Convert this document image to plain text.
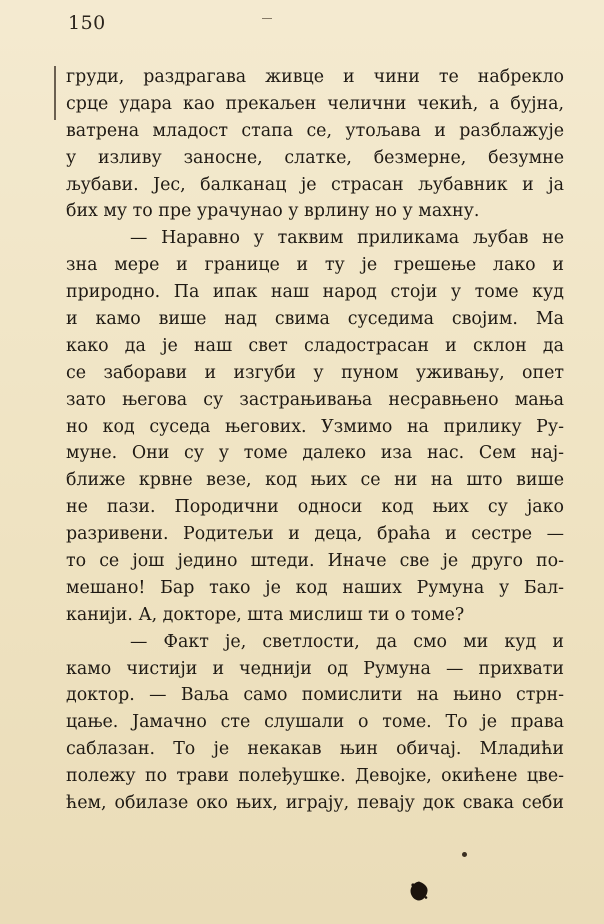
150
груди, раздрагава живце и чини те набрекло
срце удара као прекаљен челични чекић, а бујна,
ватрена младост стапа се, утољава и разблажује
у изливу заносне, слатке, безмерне, безумне
љубави. Јес, балканац је страсан љубавник и ја
бих му то пре урачунао у врлину но у махну.
— Наравно у таквим приликама љубав не
зна мере и границе и ту је грешење лако и
природно. Па ипак наш народ стоји у томе куд
и камо више над свима суседима својим. Ма
како да је наш свет сладострасан и склон да
се заборави и изгуби у пуном уживању, опет
зато његова су застрањивања несравњено мања
но код суседа његових. Узмимо на прилику Ру-
муне. Они су у томе далеко иза нас. Сем нај-
ближе крвне везе, код њих се ни на што више
не пази. Породични односи код њих су јако
разривени. Родитељи и деца, браћа и сестре —
то се још једино штеди. Иначе све је друго по-
мешано! Бар тако је код наших Румуна у Бал-
канији. А, докторе, шта мислиш ти о томе?
— Факт је, светлости, да смо ми куд и
камо чистији и чеднији од Румуна — прихвати
доктор. — Ваља само помислити на њино стрн-
цање. Јамачно сте слушали о томе. То је права
саблазан. То је некакав њин обичај. Младићи
полежу по трави полеђушке. Девојке, окићене цве-
ћем, обилазе око њих, играју, певају док свака себи
